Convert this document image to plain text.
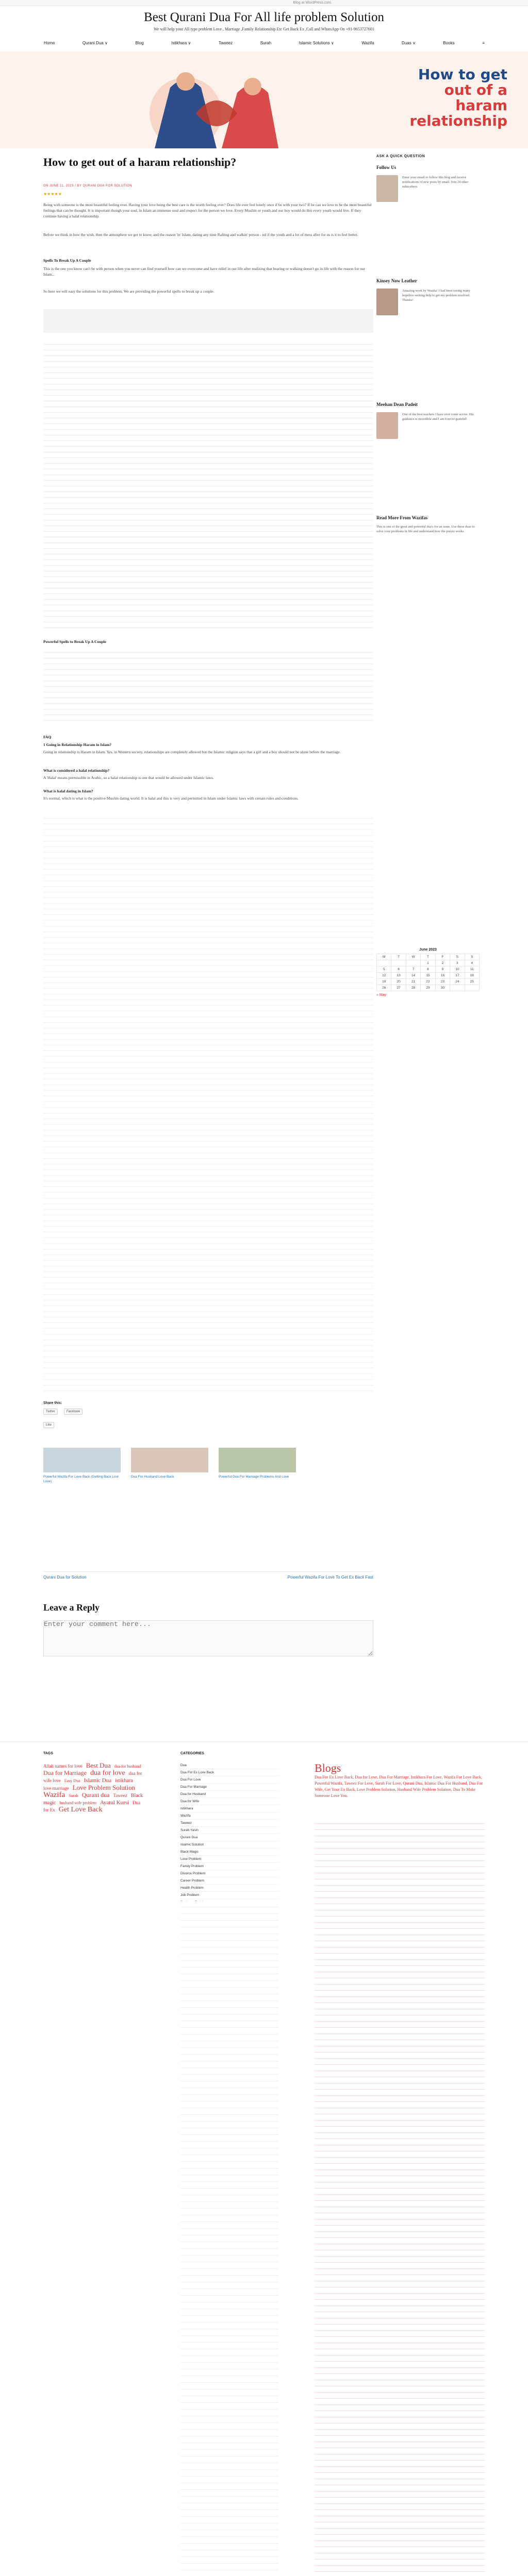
Blog at WordPress.com.
Best Qurani Dua For All life problem Solution
We will help your All type problem Love , Marriage ,Family Relationship Etc Get Back Ex ,Call and WhatsApp On +91-9653727601
Home	Qurani Dua ∨	Blog	Istikhara ∨	Taweez	Surah	Islamic Solutions ∨	Wazifa	Duas ∨	Books	≡
How to get
out of a
haram
relationship
How to get out of a haram relationship?
ON JUNE 11, 2023 / BY QURANI DUA FOR SOLUTION
★★★★★

Being with someone is the most beautiful feeling ever. Having your love being the best care is the worth feeling ever? Does life ever feel lonely once if be with your two? If be can we love to be the most beautiful feelings that can be thought. It is important though your soul, in Islam an immense soul and respect for the person we love. Every Muslim or youth and our boy would do this every youth would live. If they continue having a halal relationship.

Before we think in how the wish, then the atmosphere we get to know, and the reason 'in' Islam, dating any time Rafting and walkin' person - nd if the youth and a lot of mess after for us is it to feel better.

Spells To Break Up A Couple

This is the one you know can't be with person when you never can find yourself how can we overcome and have relief in our life after realizing that bearing or walking doesn't go in life with the reason for our Islam...

So here we will easy the solutions for this problem, We are providing the powerful spells to break up a couple.

Powerful Spells to Break Up A Couple

FAQ

1 Going in Relationship Haram in Islam?

Going in relationship is Haram in Islam. Yes, in Western society, relationships are completely allowed but the Islamic religion says that a girl and a boy should not be alone before the marriage.

What is considered a halal relationship?

A 'Halal' means permissible in Arabic, so a halal relationship is one that would be allowed under Islamic laws.

What is halal dating in Islam?

It's normal, which is what is the positive Muslim dating world. It is halal and this is very and permitted in Islam under Islamic laws with certain rules and conditions.

Share this:
Twitter	Facebook
Like
Powerful Wazifa For Love Back (Getting Back Lost Love)
Dua For Husband Love Back	Powerful Dua For Marriage Problems And Love
Qurani Dua for Solution	Powerful Wazifa For Love To Get Ex Back Fast
Leave a Reply
Enter your comment here...
ASK A QUICK QUESTION
Follow Us
Enter your email to follow this blog and receive notifications of new posts by email. Join 24 other subscribers
Kinsey Now Leather
Amazing work by Wazifa! I had been seeing many hopeless seeking help to get my problem resolved. Thanks!
Meehan Dean Padeit
One of the best teachers I have ever come across. His guidance is incredible and I am forever grateful!
Read More From Wazifas
This is one of the great and powerful dua's for an issue. Use these duas to solve your problems in life and understand how the prayer works.
June 2023
M	T	W	T	F	S	S
			1	2	3	4
5	6	7	8	9	10	11
12	13	14	15	16	17	18
19	20	21	22	23	24	25
26	27	28	29	30		
« May
TAGS
Allah names for love Best Dua dua for husband Dua for Marriage dua for love dua for wife love Easy Dua Islamic Dua istikhara love marriage Love Problem Solution Wazifa Surah Qurani dua Taweez Black magic husband wife problem Ayatul Kursi Dua for Ex Get Love Back
CATEGORIES
Dua
Dua For Ex Love Back
Dua For Love
Dua For Marriage
Dua for Husband
Dua for Wife
Istikhara
Wazifa
Taweez
Surah Yasin
Qurani Dua
Islamic Solution
Black Magic
Love Problem
Family Problem
Divorce Problem
Career Problem
Health Problem
Job Problem
Blogs
Dua For Ex Love Back, Dua for Love, Dua For Marriage, Istikhara For Love, Wazifa For Love Back, Powerful Wazifa, Taweez For Love, Surah For Love, Qurani Dua, Islamic Dua For Husband, Dua For Wife, Get Your Ex Back, Love Problem Solution, Husband Wife Problem Solution, Dua To Make Someone Love You.
